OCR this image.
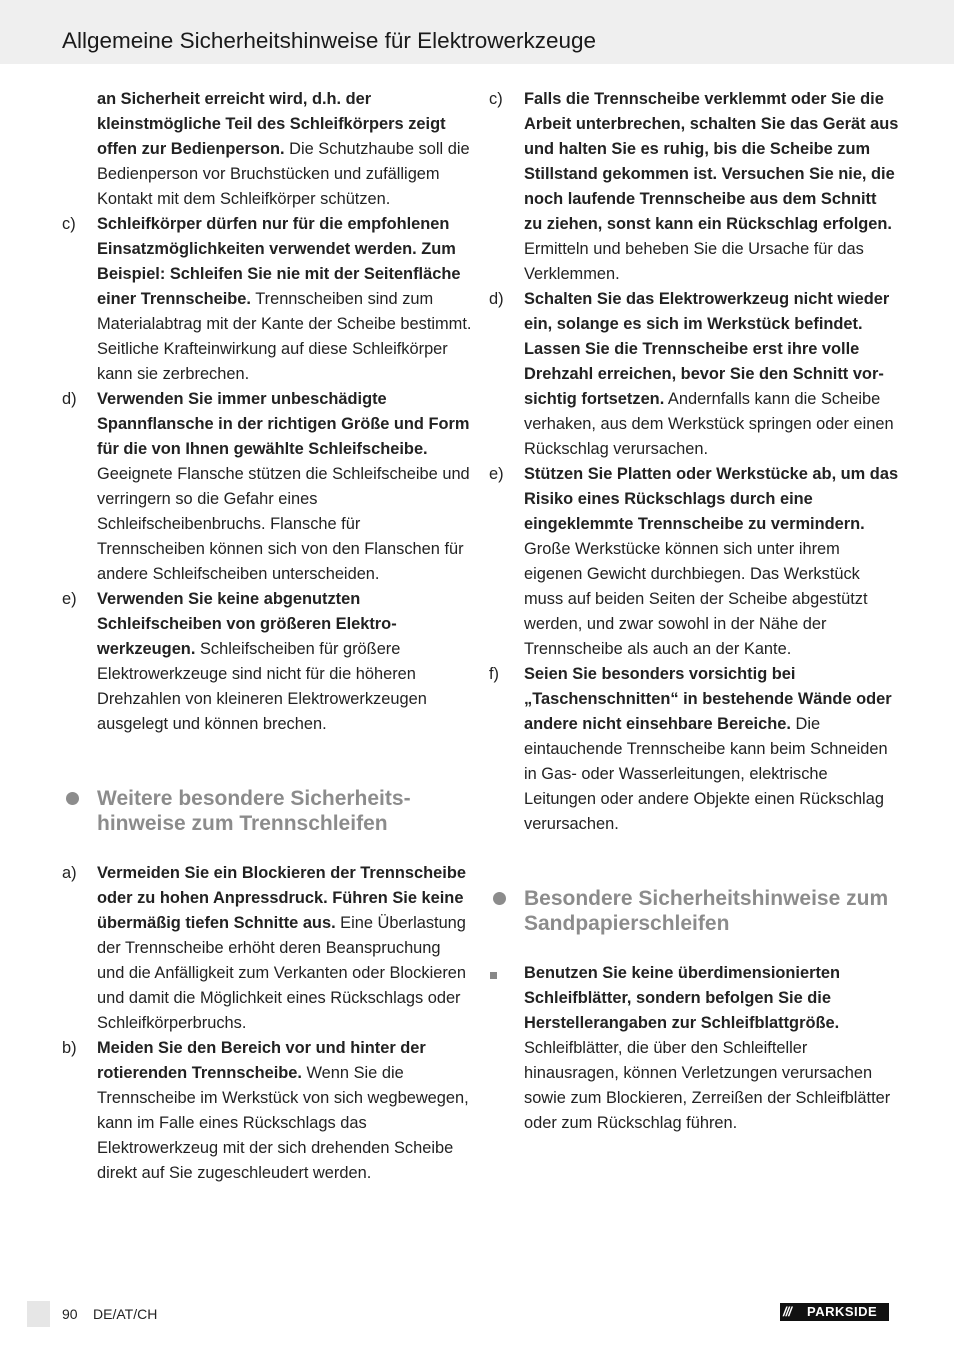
Allgemeine Sicherheitshinweise für Elektrowerkzeuge
an Sicherheit erreicht wird, d.h. der kleinstmögliche Teil des Schleifkörpers zeigt offen zur Bedienperson. Die Schutzhaube soll die Bedienperson vor Bruchstücken und zufälligem Kontakt mit dem Schleifkörper schützen.
c) Schleifkörper dürfen nur für die empfohlenen Einsatzmöglichkeiten verwendet werden. Zum Beispiel: Schleifen Sie nie mit der Seitenfläche einer Trennscheibe. Trennscheiben sind zum Materialabtrag mit der Kante der Scheibe bestimmt. Seitliche Krafteinwirkung auf diese Schleifkörper kann sie zerbrechen.
d) Verwenden Sie immer unbeschädigte Spannflansche in der richtigen Größe und Form für die von Ihnen gewählte Schleifscheibe. Geeignete Flansche stützen die Schleifscheibe und verringern so die Gefahr eines Schleifscheibenbruchs. Flansche für Trennscheiben können sich von den Flanschen für andere Schleifscheiben unterscheiden.
e) Verwenden Sie keine abgenutzten Schleifscheiben von größeren Elektrowerkzeugen. Schleifscheiben für größere Elektrowerkzeuge sind nicht für die höheren Drehzahlen von kleineren Elektrowerkzeugen ausgelegt und können brechen.
Weitere besondere Sicherheitshinweise zum Trennschleifen
a) Vermeiden Sie ein Blockieren der Trennscheibe oder zu hohen Anpressdruck. Führen Sie keine übermäßig tiefen Schnitte aus. Eine Überlastung der Trennscheibe erhöht deren Beanspruchung und die Anfälligkeit zum Verkanten oder Blockieren und damit die Möglichkeit eines Rückschlags oder Schleifkörperbruchs.
b) Meiden Sie den Bereich vor und hinter der rotierenden Trennscheibe. Wenn Sie die Trennscheibe im Werkstück von sich wegbewegen, kann im Falle eines Rückschlags das Elektrowerkzeug mit der sich drehenden Scheibe direkt auf Sie zugeschleudert werden.
c) Falls die Trennscheibe verklemmt oder Sie die Arbeit unterbrechen, schalten Sie das Gerät aus und halten Sie es ruhig, bis die Scheibe zum Stillstand gekommen ist. Versuchen Sie nie, die noch laufende Trennscheibe aus dem Schnitt zu ziehen, sonst kann ein Rückschlag erfolgen. Ermitteln und beheben Sie die Ursache für das Verklemmen.
d) Schalten Sie das Elektrowerkzeug nicht wieder ein, solange es sich im Werkstück befindet. Lassen Sie die Trennscheibe erst ihre volle Drehzahl erreichen, bevor Sie den Schnitt vorsichtig fortsetzen. Andernfalls kann die Scheibe verhaken, aus dem Werkstück springen oder einen Rückschlag verursachen.
e) Stützen Sie Platten oder Werkstücke ab, um das Risiko eines Rückschlags durch eine eingeklemmte Trennscheibe zu vermindern. Große Werkstücke können sich unter ihrem eigenen Gewicht durchbiegen. Das Werkstück muss auf beiden Seiten der Scheibe abgestützt werden, und zwar sowohl in der Nähe der Trennscheibe als auch an der Kante.
f) Seien Sie besonders vorsichtig bei „Taschenschnitten“ in bestehende Wände oder andere nicht einsehbare Bereiche. Die eintauchende Trennscheibe kann beim Schneiden in Gas- oder Wasserleitungen, elektrische Leitungen oder andere Objekte einen Rückschlag verursachen.
Besondere Sicherheitshinweise zum Sandpapierschleifen
Benutzen Sie keine überdimensionierten Schleifblätter, sondern befolgen Sie die Herstellerangaben zur Schleifblattgröße. Schleifblätter, die über den Schleifteller hinausragen, können Verletzungen verursachen sowie zum Blockieren, Zerreißen der Schleifblätter oder zum Rückschlag führen.
90 DE/AT/CH	/// PARKSIDE
